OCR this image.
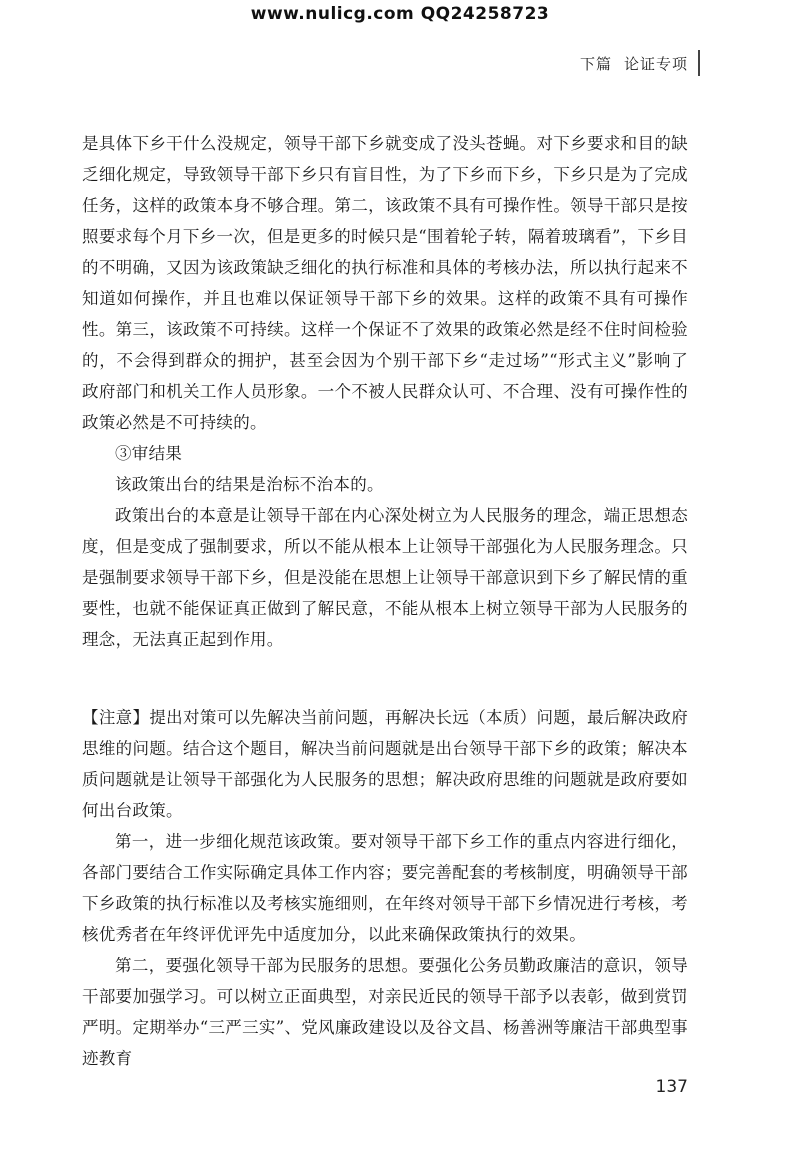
www.nulicg.com QQ24258723
下篇 论证专项

是具体下乡干什么没规定，领导干部下乡就变成了没头苍蝇。对下乡要求和目的缺乏细化规定，导致领导干部下乡只有盲目性，为了下乡而下乡，下乡只是为了完成任务，这样的政策本身不够合理。第二，该政策不具有可操作性。领导干部只是按照要求每个月下乡一次，但是更多的时候只是“围着轮子转，隔着玻璃看”，下乡目的不明确，又因为该政策缺乏细化的执行标准和具体的考核办法，所以执行起来不知道如何操作，并且也难以保证领导干部下乡的效果。这样的政策不具有可操作性。第三，该政策不可持续。这样一个保证不了效果的政策必然是经不住时间检验的，不会得到群众的拥护，甚至会因为个别干部下乡“走过场”“形式主义”影响了政府部门和机关工作人员形象。一个不被人民群众认可、不合理、没有可操作性的政策必然是不可持续的。

③审结果

该政策出台的结果是治标不治本的。

政策出台的本意是让领导干部在内心深处树立为人民服务的理念，端正思想态度，但是变成了强制要求，所以不能从根本上让领导干部强化为人民服务理念。只是强制要求领导干部下乡，但是没能在思想上让领导干部意识到下乡了解民情的重要性，也就不能保证真正做到了解民意，不能从根本上树立领导干部为人民服务的理念，无法真正起到作用。

【注意】提出对策可以先解决当前问题，再解决长远（本质）问题，最后解决政府思维的问题。结合这个题目，解决当前问题就是出台领导干部下乡的政策；解决本质问题就是让领导干部强化为人民服务的思想；解决政府思维的问题就是政府要如何出台政策。

第一，进一步细化规范该政策。要对领导干部下乡工作的重点内容进行细化，各部门要结合工作实际确定具体工作内容；要完善配套的考核制度，明确领导干部下乡政策的执行标准以及考核实施细则，在年终对领导干部下乡情况进行考核，考核优秀者在年终评优评先中适度加分，以此来确保政策执行的效果。

第二，要强化领导干部为民服务的思想。要强化公务员勤政廉洁的意识，领导干部要加强学习。可以树立正面典型，对亲民近民的领导干部予以表彰，做到赏罚严明。定期举办“三严三实”、党风廉政建设以及谷文昌、杨善洲等廉洁干部典型事迹教育

137
